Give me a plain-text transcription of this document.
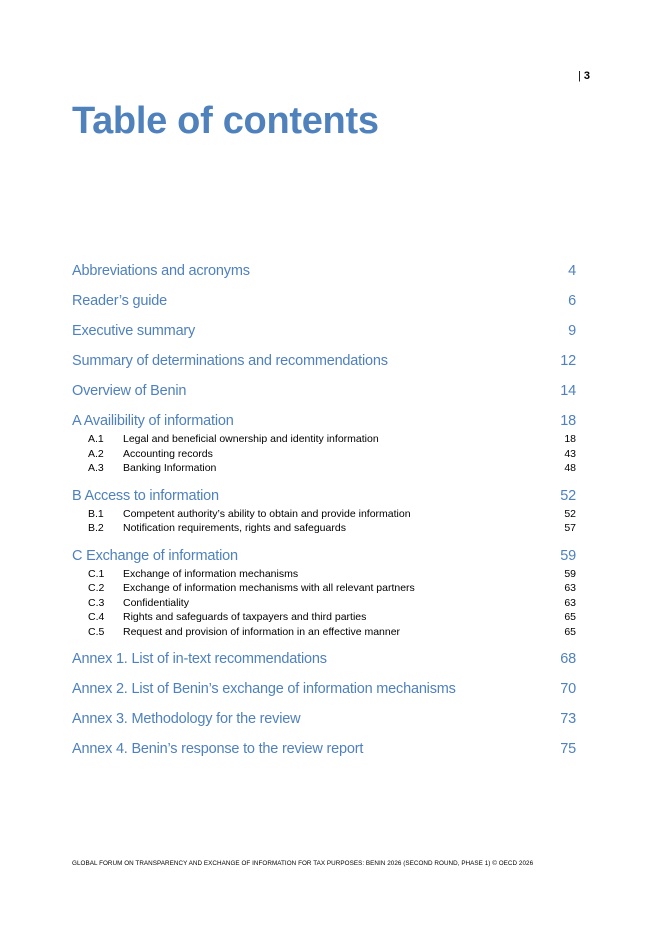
| 3
Table of contents
Abbreviations and acronyms	4
Reader’s guide	6
Executive summary	9
Summary of determinations and recommendations	12
Overview of Benin	14
A Availibility of information	18
A.1	Legal and beneficial ownership and identity information	18
A.2	Accounting records	43
A.3	Banking Information	48
B Access to information	52
B.1	Competent authority’s ability to obtain and provide information	52
B.2	Notification requirements, rights and safeguards	57
C Exchange of information	59
C.1	Exchange of information mechanisms	59
C.2	Exchange of information mechanisms with all relevant partners	63
C.3	Confidentiality	63
C.4	Rights and safeguards of taxpayers and third parties	65
C.5	Request and provision of information in an effective manner	65
Annex 1. List of in-text recommendations	68
Annex 2. List of Benin’s exchange of information mechanisms	70
Annex 3. Methodology for the review	73
Annex 4. Benin’s response to the review report	75
GLOBAL FORUM ON TRANSPARENCY AND EXCHANGE OF INFORMATION FOR TAX PURPOSES: BENIN 2026 (SECOND ROUND, PHASE 1) © OECD 2026
